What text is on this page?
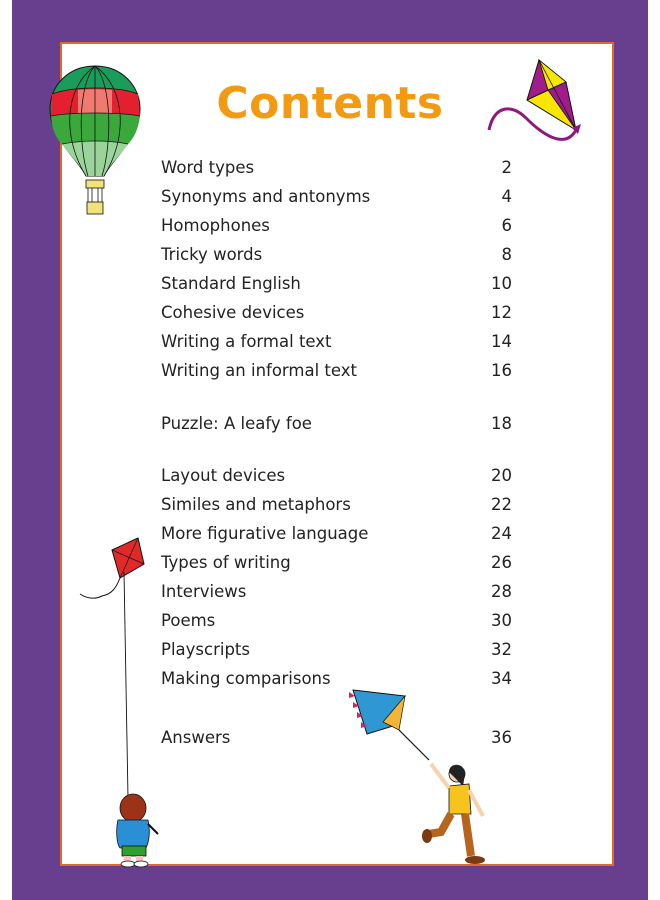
Contents
Word types	2
Synonyms and antonyms	4
Homophones	6
Tricky words	8
Standard English	10
Cohesive devices	12
Writing a formal text	14
Writing an informal text	16
Puzzle: A leafy foe	18
Layout devices	20
Similes and metaphors	22
More figurative language	24
Types of writing	26
Interviews	28
Poems	30
Playscripts	32
Making comparisons	34
Answers	36
